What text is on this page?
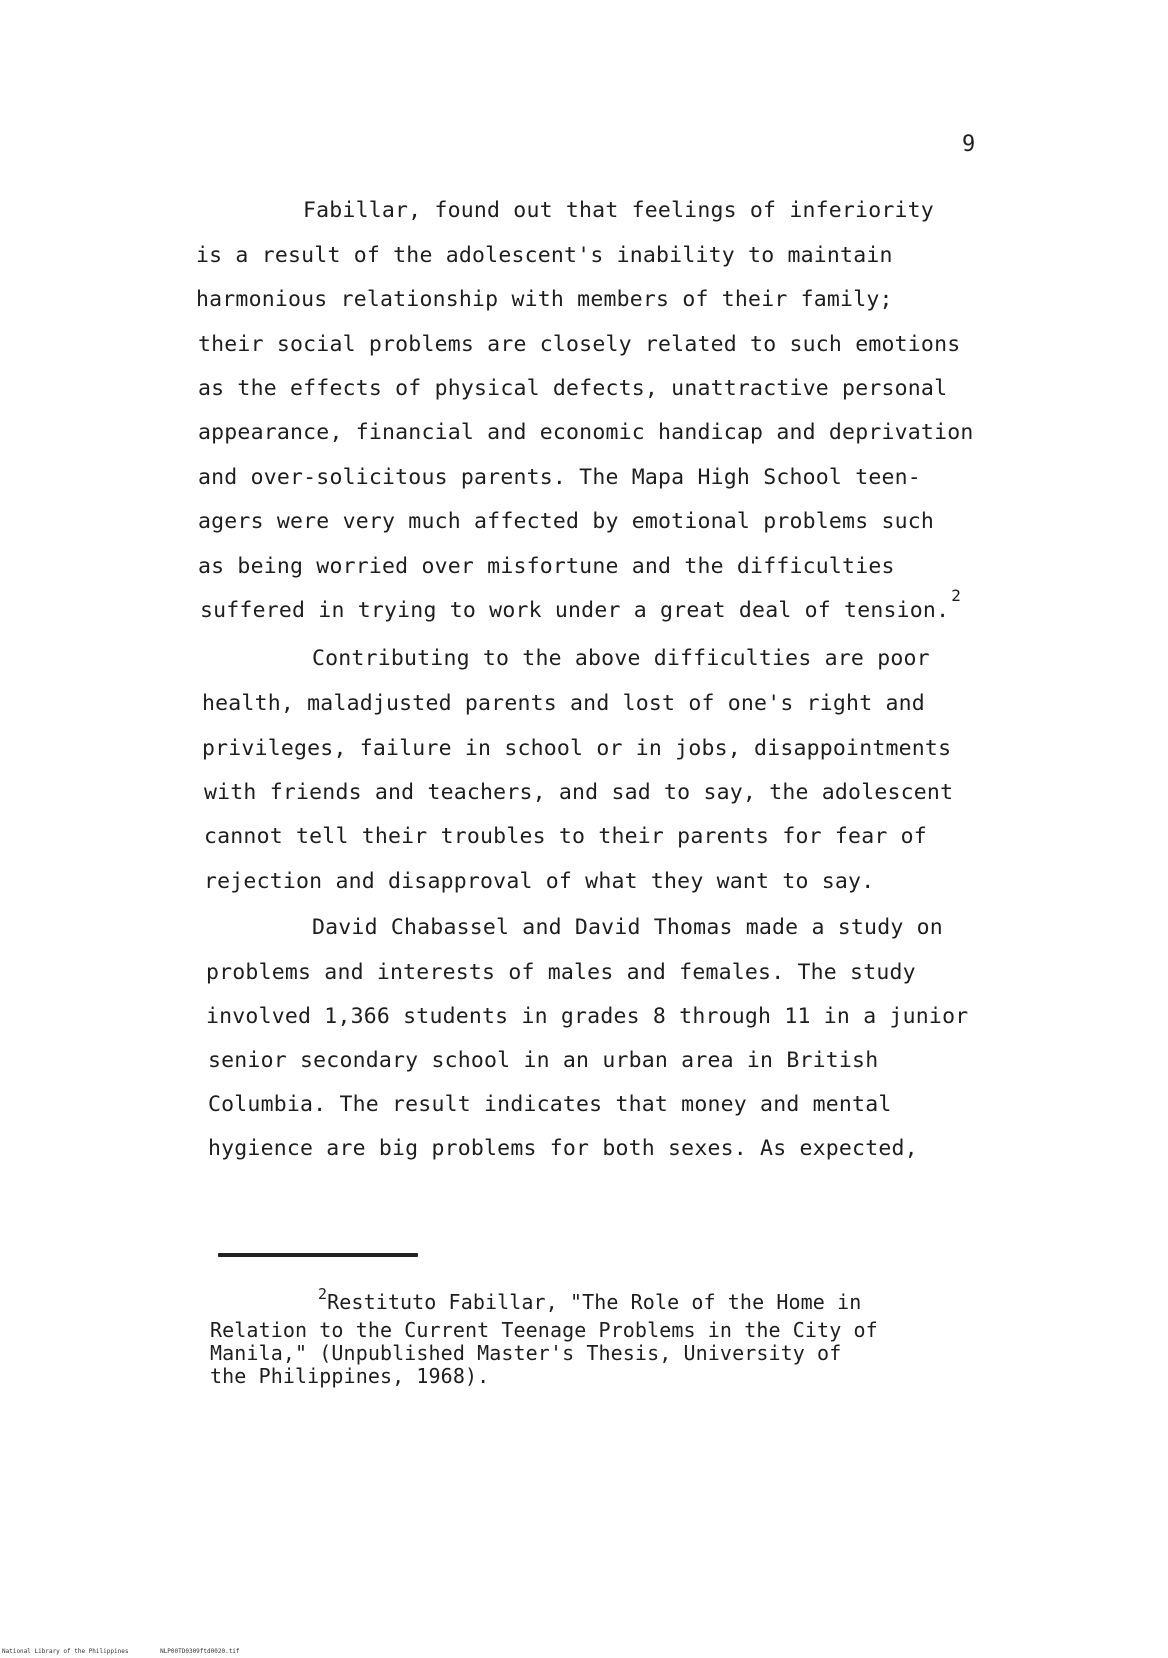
9
Fabillar, found out that feelings of inferiority
is a result of the adolescent's inability to maintain
harmonious relationship with members of their family;
their social problems are closely related to such emotions
as the effects of physical defects, unattractive personal
appearance, financial and economic handicap and deprivation
and over-solicitous parents. The Mapa High School teen-
agers were very much affected by emotional problems such
as being worried over misfortune and the difficulties
suffered in trying to work under a great deal of tension.$^2$
Contributing to the above difficulties are poor
health, maladjusted parents and lost of one's right and
privileges, failure in school or in jobs, disappointments
with friends and teachers, and sad to say, the adolescent
cannot tell their troubles to their parents for fear of
rejection and disapproval of what they want to say.
David Chabassel and David Thomas made a study on
problems and interests of males and females. The study
involved 1,366 students in grades 8 through 11 in a junior
senior secondary school in an urban area in British
Columbia. The result indicates that money and mental
hygience are big problems for both sexes. As expected,
$^2$Restituto Fabillar, "The Role of the Home in
Relation to the Current Teenage Problems in the City of
Manila," (Unpublished Master's Thesis, University of
the Philippines, 1968).
National Library of the Philippines	NLP00TD0309ftd0020.tif
